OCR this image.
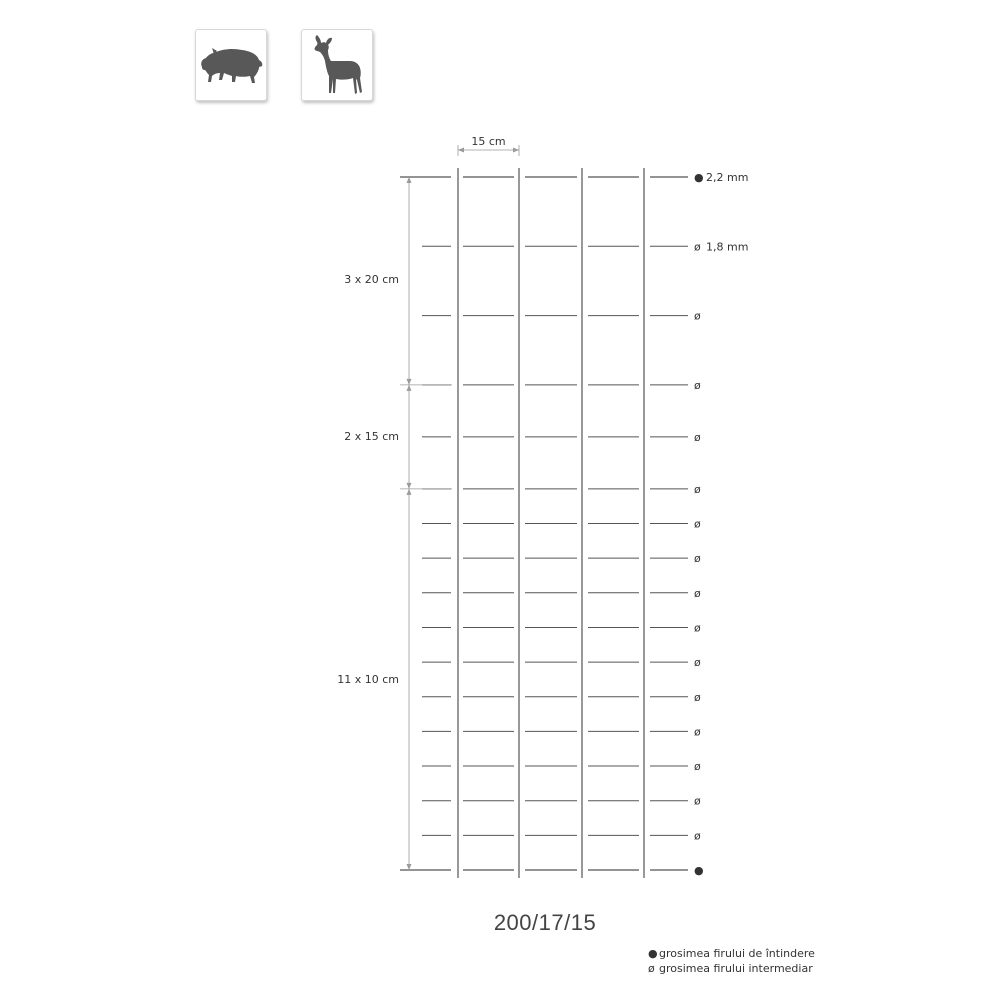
15 cm
3 x 20 cm
2 x 15 cm
11 x 10 cm
● 2,2 mm
ø 1,8 mm
ø
ø
ø
ø
ø
ø
ø
ø
ø
ø
ø
ø
ø
ø
●
200/17/15
● grosimea firului de întindere
ø grosimea firului intermediar
